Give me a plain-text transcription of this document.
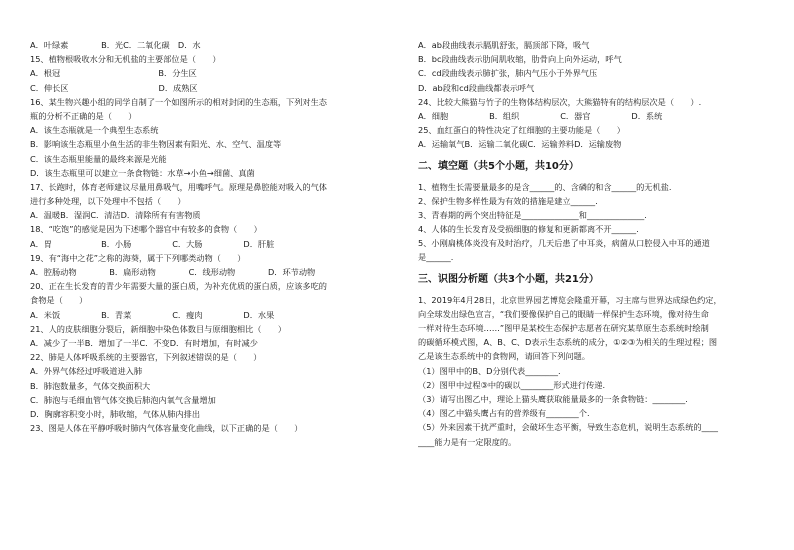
A．叶绿素　　　　B．光C．二氧化碳　D．水
15、植物根吸收水分和无机盐的主要部位是（　　）
A．根冠　　　　　　　　　　　　B．分生区
C．伸长区　　　　　　　　　　　D．成熟区
16、某生物兴趣小组的同学自制了一个如图所示的相对封闭的生态瓶，下列对生态
瓶的分析不正确的是（　　）
A．该生态瓶就是一个典型生态系统
B．影响该生态瓶里小鱼生活的非生物因素有阳光、水、空气、温度等
C．该生态瓶里能量的最终来源是光能
D．该生态瓶里可以建立一条食物链：水草→小鱼→细菌、真菌
17、长跑时，体育老师建议尽量用鼻吸气，用嘴呼气。原理是鼻腔能对吸入的气体
进行多种处理，以下处理中不包括（　　）
A．温暖B．湿润C．清洁D．清除所有有害物质
18、“吃饱”的感觉是因为下述哪个器官中有较多的食物（　　）
A．胃　　　　　　B．小肠　　　　　C．大肠　　　　　D．肝脏
19、有“海中之花”之称的海葵，属于下列哪类动物（　　）
A．腔肠动物　　　　B．扁形动物　　　　C．线形动物　　　　D．环节动物
20、正在生长发育的青少年需要大量的蛋白质，为补充优质的蛋白质，应该多吃的
食物是（　　）
A．米饭　　　　　B．青菜　　　　　C．瘦肉　　　　　D．水果
21、人的皮肤细胞分裂后，新细胞中染色体数目与原细胞相比（　　）
A．减少了一半B．增加了一半C．不变D．有时增加，有时减少
22、肺是人体呼吸系统的主要器官，下列叙述错误的是（　　）
A．外界气体经过呼吸道进入肺
B．肺泡数量多，气体交换面积大
C．肺泡与毛细血管气体交换后肺泡内氧气含量增加
D．胸廓容积变小时，肺收缩，气体从肺内排出
23、图是人体在平静呼吸时肺内气体容量变化曲线，以下正确的是（　　）
A．ab段曲线表示膈肌舒张，膈顶部下降，吸气
B．bc段曲线表示肋间肌收缩，肋骨向上向外运动，呼气
C．cd段曲线表示肺扩张，肺内气压小于外界气压
D．ab段和cd段曲线都表示呼气
24、比较大熊猫与竹子的生物体结构层次，大熊猫特有的结构层次是（　　）.
A．细胞　　　　　B．组织　　　　　C．器官　　　　　D．系统
25、血红蛋白的特性决定了红细胞的主要功能是（　　）
A．运输氧气B．运输二氧化碳C．运输养料D．运输废物
二、填空题（共5个小题，共10分）
1、植物生长需要量最多的是含______的、含磷的和含______的无机盐.
2、保护生物多样性最为有效的措施是建立______.
3、青春期的两个突出特征是______________和______________.
4、人体的生长发育及受损细胞的修复和更新都离不开______.
5、小刚扁桃体炎没有及时治疗，几天后患了中耳炎，病菌从口腔侵入中耳的通道
是______.
三、识图分析题（共3个小题，共21分）
1、2019年4月28日，北京世界园艺博览会隆重开幕，习主席与世界达成绿色约定，
向全球发出绿色宣言，“我们要像保护自己的眼睛一样保护生态环境，像对待生命
一样对待生态环境……”图甲是某校生态保护志愿者在研究某草原生态系统时绘制
的碳循环模式图，A、B、C、D表示生态系统的成分，①②③为相关的生理过程；图
乙是该生态系统中的食物网，请回答下列问题。
（1）图甲中的B、D分别代表________.
（2）图甲中过程③中的碳以________形式进行传递.
（3）请写出图乙中，理论上猫头鹰获取能量最多的一条食物链：________.
（4）图乙中猫头鹰占有的营养级有________个.
（5）外来因素干扰严重时，会破坏生态平衡，导致生态危机，说明生态系统的____
____能力是有一定限度的。
